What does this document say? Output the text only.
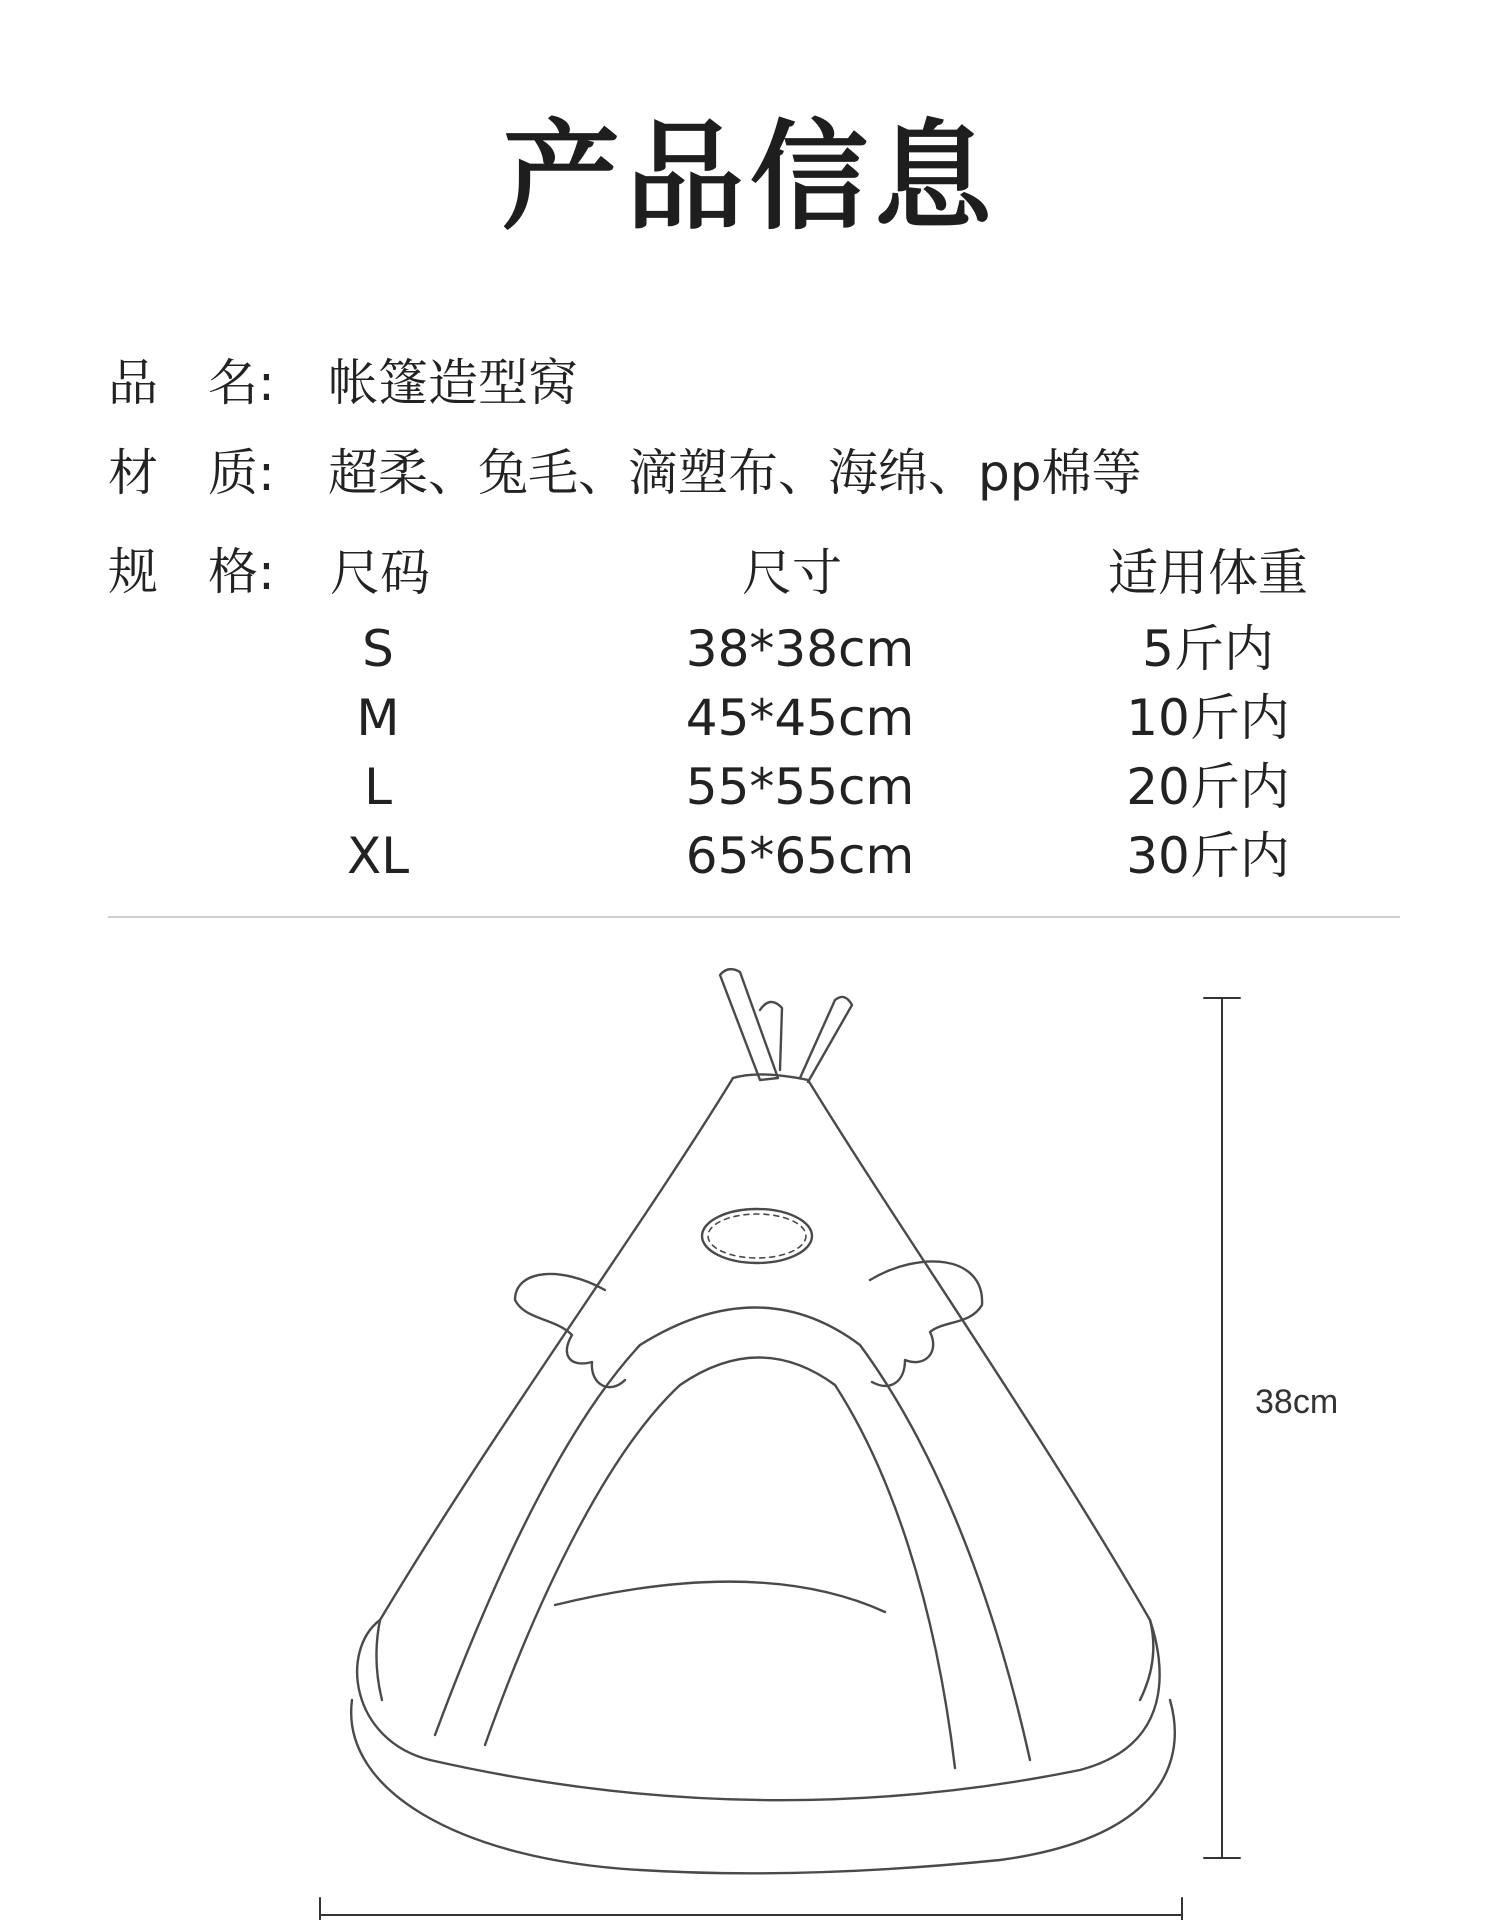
产品信息
品　名: 帐篷造型窝
材　质: 超柔、兔毛、滴塑布、海绵、pp棉等
规　格:	尺码	尺寸	适用体重
S	38*38cm	5斤内
M	45*45cm	10斤内
L	55*55cm	20斤内
XL	65*65cm	30斤内
38cm
